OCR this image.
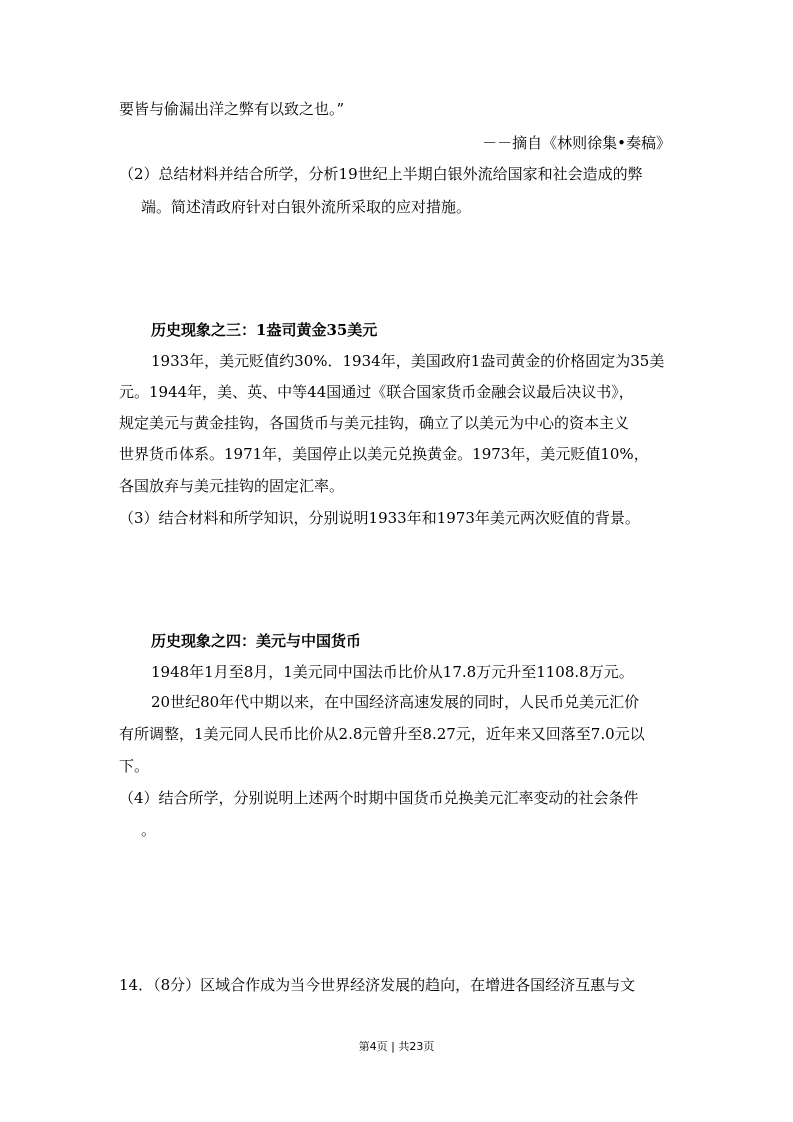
要皆与偷漏出洋之弊有以致之也。”

－－摘自《林则徐集•奏稿》

（2）总结材料并结合所学，分析19世纪上半期白银外流给国家和社会造成的弊

端。简述清政府针对白银外流所采取的应对措施。

历史现象之三：1盎司黄金35美元

1933年，美元贬值约30%．1934年，美国政府1盎司黄金的价格固定为35美

元。1944年，美、英、中等44国通过《联合国家货币金融会议最后决议书》，

规定美元与黄金挂钩，各国货币与美元挂钩，确立了以美元为中心的资本主义

世界货币体系。1971年，美国停止以美元兑换黄金。1973年，美元贬值10%，

各国放弃与美元挂钩的固定汇率。

（3）结合材料和所学知识，分别说明1933年和1973年美元两次贬值的背景。

历史现象之四：美元与中国货币

1948年1月至8月，1美元同中国法币比价从17.8万元升至1108.8万元。

20世纪80年代中期以来，在中国经济高速发展的同时，人民币兑美元汇价

有所调整，1美元同人民币比价从2.8元曾升至8.27元，近年来又回落至7.0元以

下。

（4）结合所学，分别说明上述两个时期中国货币兑换美元汇率变动的社会条件

。

14．（8分）区域合作成为当今世界经济发展的趋向，在增进各国经济互惠与文

第4页 | 共23页
